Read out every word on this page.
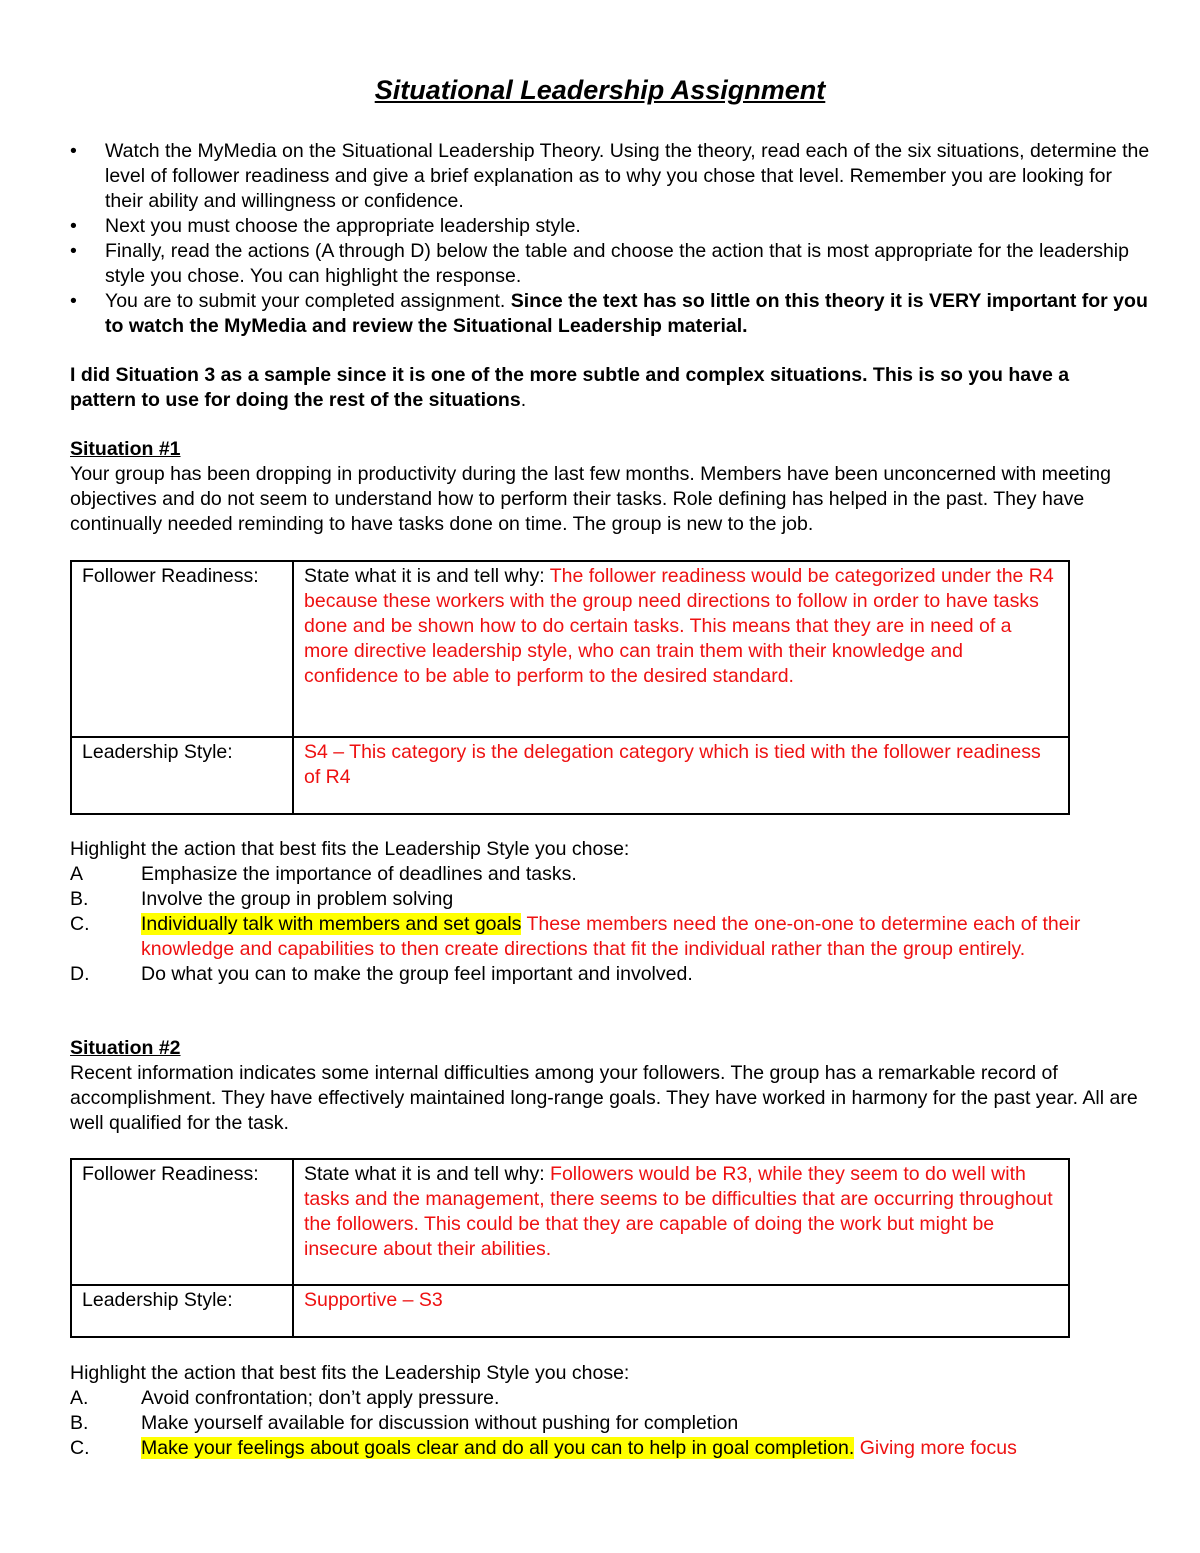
Situational Leadership Assignment
• Watch the MyMedia on the Situational Leadership Theory. Using the theory, read each of the six situations, determine the level of follower readiness and give a brief explanation as to why you chose that level. Remember you are looking for their ability and willingness or confidence.
• Next you must choose the appropriate leadership style.
• Finally, read the actions (A through D) below the table and choose the action that is most appropriate for the leadership style you chose. You can highlight the response.
• You are to submit your completed assignment. Since the text has so little on this theory it is VERY important for you to watch the MyMedia and review the Situational Leadership material.
I did Situation 3 as a sample since it is one of the more subtle and complex situations. This is so you have a pattern to use for doing the rest of the situations.
Situation #1
Your group has been dropping in productivity during the last few months. Members have been unconcerned with meeting objectives and do not seem to understand how to perform their tasks. Role defining has helped in the past. They have continually needed reminding to have tasks done on time. The group is new to the job.
Follower Readiness:	State what it is and tell why: The follower readiness would be categorized under the R4 because these workers with the group need directions to follow in order to have tasks done and be shown how to do certain tasks. This means that they are in need of a more directive leadership style, who can train them with their knowledge and confidence to be able to perform to the desired standard.
Leadership Style:	S4 – This category is the delegation category which is tied with the follower readiness of R4
Highlight the action that best fits the Leadership Style you chose:
A	Emphasize the importance of deadlines and tasks.
B.	Involve the group in problem solving
C.	Individually talk with members and set goals These members need the one-on-one to determine each of their knowledge and capabilities to then create directions that fit the individual rather than the group entirely.
D.	Do what you can to make the group feel important and involved.
Situation #2
Recent information indicates some internal difficulties among your followers. The group has a remarkable record of accomplishment. They have effectively maintained long-range goals. They have worked in harmony for the past year. All are well qualified for the task.
Follower Readiness:	State what it is and tell why: Followers would be R3, while they seem to do well with tasks and the management, there seems to be difficulties that are occurring throughout the followers. This could be that they are capable of doing the work but might be insecure about their abilities.
Leadership Style:	Supportive – S3
Highlight the action that best fits the Leadership Style you chose:
A.	Avoid confrontation; don’t apply pressure.
B.	Make yourself available for discussion without pushing for completion
C.	Make your feelings about goals clear and do all you can to help in goal completion. Giving more focus
